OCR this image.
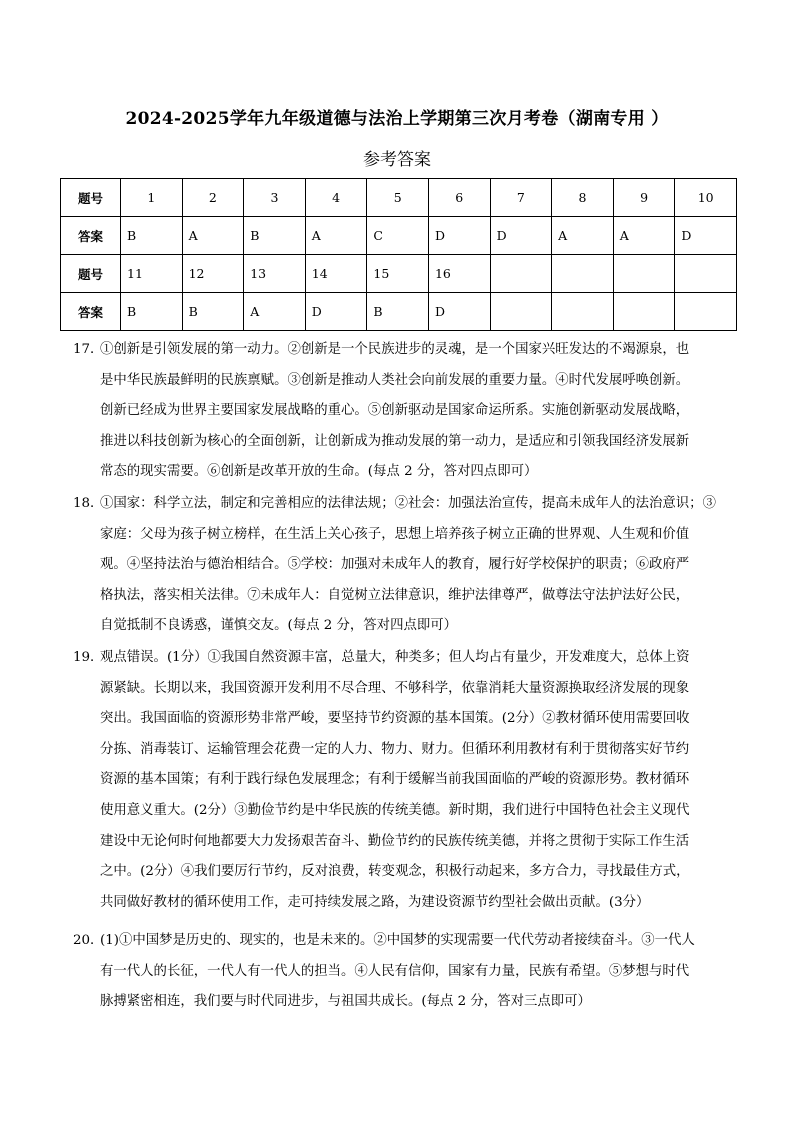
2024-2025学年九年级道德与法治上学期第三次月考卷（湖南专用 ）
参考答案
题号	1	2	3	4	5	6	7	8	9	10
答案	B	A	B	A	C	D	D	A	A	D
题号	11	12	13	14	15	16				
答案	B	B	A	D	B	D				
17．
①创新是引领发展的第一动力。②创新是一个民族进步的灵魂，是一个国家兴旺发达的不竭源泉，也
是中华民族最鲜明的民族禀赋。③创新是推动人类社会向前发展的重要力量。④时代发展呼唤创新。
创新已经成为世界主要国家发展战略的重心。⑤创新驱动是国家命运所系。实施创新驱动发展战略，
推进以科技创新为核心的全面创新，让创新成为推动发展的第一动力，是适应和引领我国经济发展新
常态的现实需要。⑥创新是改革开放的生命。(每点 2 分，答对四点即可）
18．
①国家：科学立法，制定和完善相应的法律法规；②社会：加强法治宣传，提高未成年人的法治意识；③
家庭：父母为孩子树立榜样，在生活上关心孩子，思想上培养孩子树立正确的世界观、人生观和价值
观。④坚持法治与德治相结合。⑤学校：加强对未成年人的教育，履行好学校保护的职责；⑥政府严
格执法，落实相关法律。⑦未成年人：自觉树立法律意识，维护法律尊严，做尊法守法护法好公民，
自觉抵制不良诱惑，谨慎交友。(每点 2 分，答对四点即可）
19．
观点错误。(1分）①我国自然资源丰富，总量大，种类多；但人均占有量少，开发难度大，总体上资
源紧缺。长期以来，我国资源开发利用不尽合理、不够科学，依靠消耗大量资源换取经济发展的现象
突出。我国面临的资源形势非常严峻，要坚持节约资源的基本国策。(2分）②教材循环使用需要回收
分拣、消毒装订、运输管理会花费一定的人力、物力、财力。但循环利用教材有利于贯彻落实好节约
资源的基本国策；有利于践行绿色发展理念；有利于缓解当前我国面临的严峻的资源形势。教材循环
使用意义重大。(2分）③勤俭节约是中华民族的传统美德。新时期，我们进行中国特色社会主义现代
建设中无论何时何地都要大力发扬艰苦奋斗、勤俭节约的民族传统美德，并将之贯彻于实际工作生活
之中。(2分）④我们要厉行节约，反对浪费，转变观念，积极行动起来，多方合力，寻找最佳方式，
共同做好教材的循环使用工作，走可持续发展之路，为建设资源节约型社会做出贡献。(3分）
20．
(1)①中国梦是历史的、现实的，也是未来的。②中国梦的实现需要一代代劳动者接续奋斗。③一代人
有一代人的长征，一代人有一代人的担当。④人民有信仰，国家有力量，民族有希望。⑤梦想与时代
脉搏紧密相连，我们要与时代同进步，与祖国共成长。(每点 2 分，答对三点即可）
